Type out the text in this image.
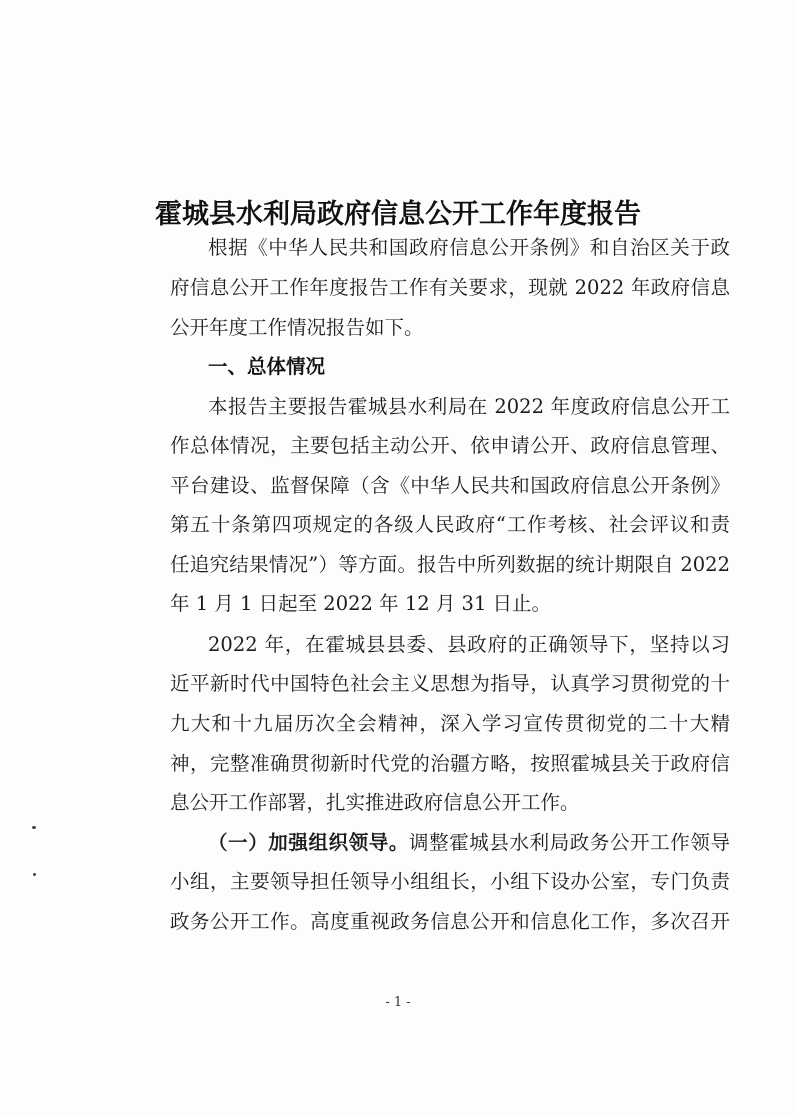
霍城县水利局政府信息公开工作年度报告
根据《中华人民共和国政府信息公开条例》和自治区关于政
府信息公开工作年度报告工作有关要求，现就 2022 年政府信息
公开年度工作情况报告如下。
一、总体情况
本报告主要报告霍城县水利局在 2022 年度政府信息公开工
作总体情况，主要包括主动公开、依申请公开、政府信息管理、
平台建设、监督保障（含《中华人民共和国政府信息公开条例》
第五十条第四项规定的各级人民政府“工作考核、社会评议和责
任追究结果情况”）等方面。报告中所列数据的统计期限自 2022
年 1 月 1 日起至 2022 年 12 月 31 日止。
2022 年，在霍城县县委、县政府的正确领导下，坚持以习
近平新时代中国特色社会主义思想为指导，认真学习贯彻党的十
九大和十九届历次全会精神，深入学习宣传贯彻党的二十大精
神，完整准确贯彻新时代党的治疆方略，按照霍城县关于政府信
息公开工作部署，扎实推进政府信息公开工作。
（一）加强组织领导。调整霍城县水利局政务公开工作领导
小组，主要领导担任领导小组组长，小组下设办公室，专门负责
政务公开工作。高度重视政务信息公开和信息化工作，多次召开
- 1 -
